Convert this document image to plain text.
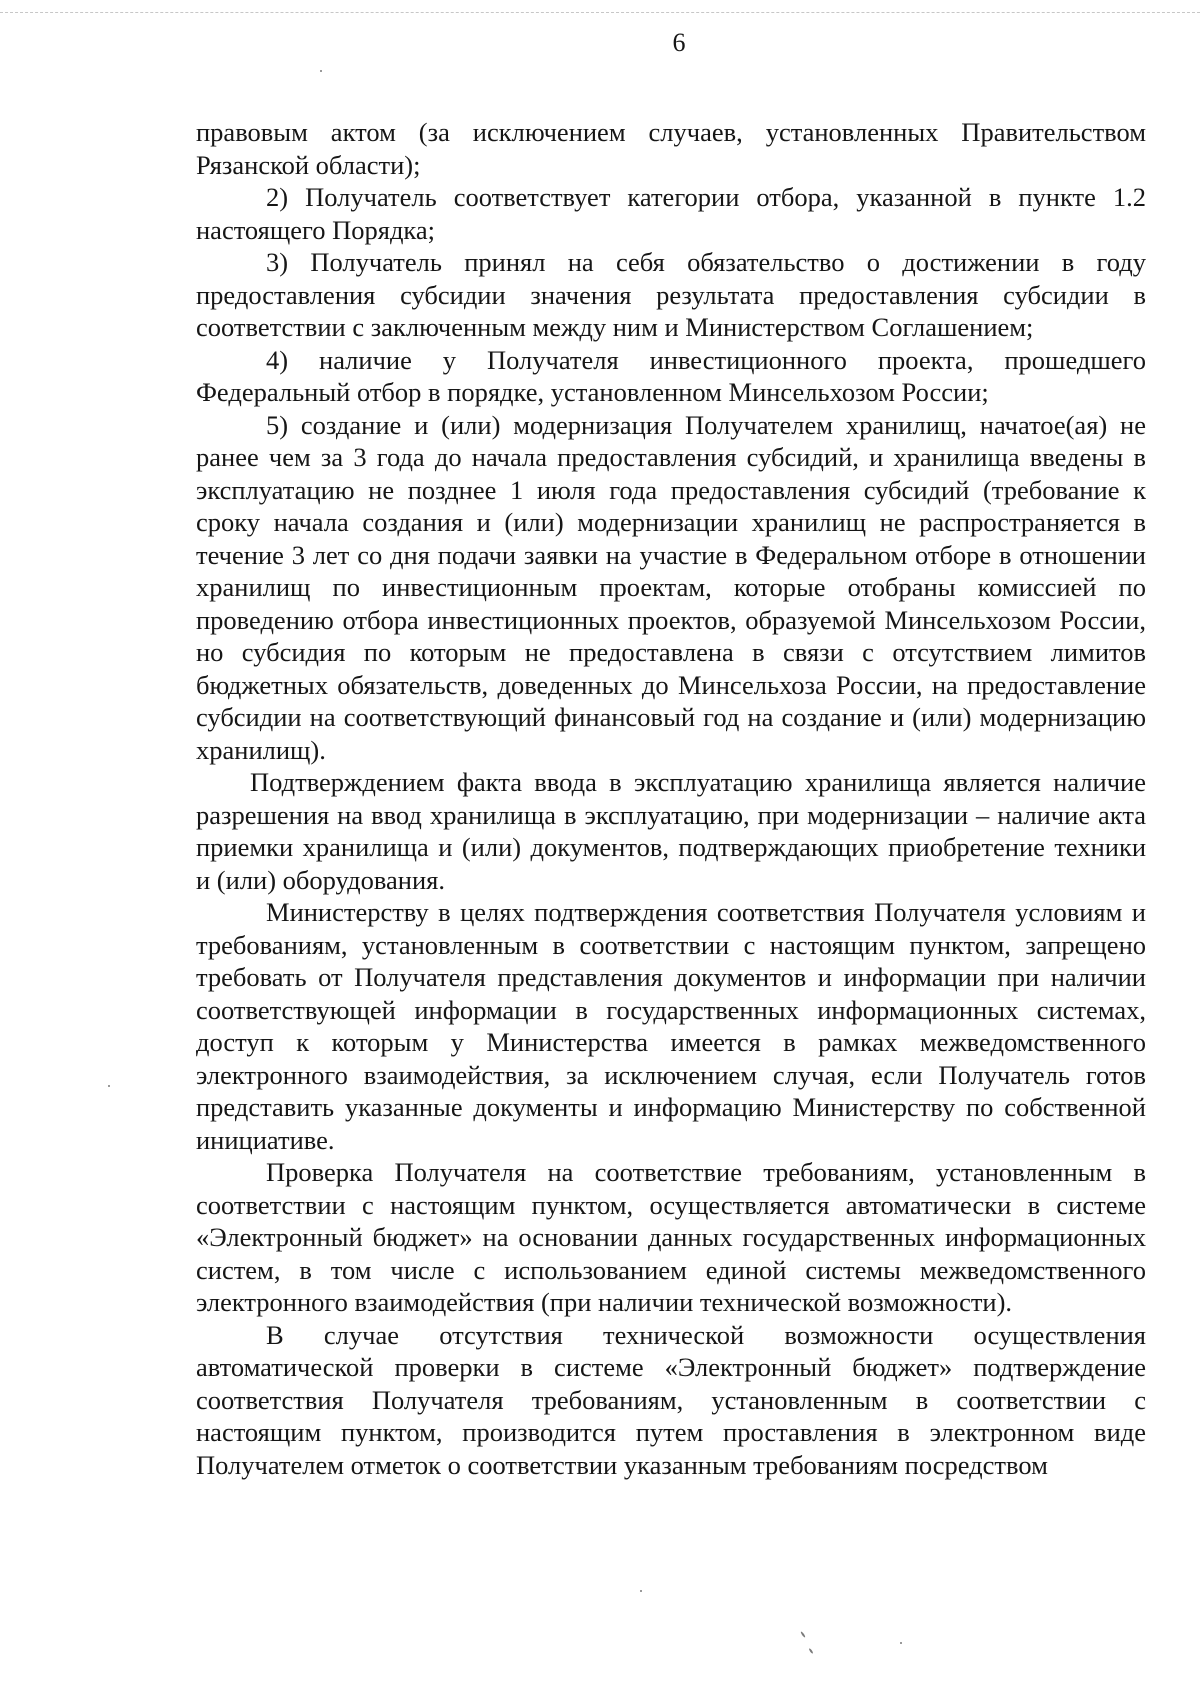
6

правовым актом (за исключением случаев, установленных Правительством Рязанской области);

2) Получатель соответствует категории отбора, указанной в пункте 1.2 настоящего Порядка;

3) Получатель принял на себя обязательство о достижении в году предоставления субсидии значения результата предоставления субсидии в соответствии с заключенным между ним и Министерством Соглашением;

4) наличие у Получателя инвестиционного проекта, прошедшего Федеральный отбор в порядке, установленном Минсельхозом России;

5) создание и (или) модернизация Получателем хранилищ, начатое(ая) не ранее чем за 3 года до начала предоставления субсидий, и хранилища введены в эксплуатацию не позднее 1 июля года предоставления субсидий (требование к сроку начала создания и (или) модернизации хранилищ не распространяется в течение 3 лет со дня подачи заявки на участие в Федеральном отборе в отношении хранилищ по инвестиционным проектам, которые отобраны комиссией по проведению отбора инвестиционных проектов, образуемой Минсельхозом России, но субсидия по которым не предоставлена в связи с отсутствием лимитов бюджетных обязательств, доведенных до Минсельхоза России, на предоставление субсидии на соответствующий финансовый год на создание и (или) модернизацию хранилищ).

Подтверждением факта ввода в эксплуатацию хранилища является наличие разрешения на ввод хранилища в эксплуатацию, при модернизации – наличие акта приемки хранилища и (или) документов, подтверждающих приобретение техники и (или) оборудования.

Министерству в целях подтверждения соответствия Получателя условиям и требованиям, установленным в соответствии с настоящим пунктом, запрещено требовать от Получателя представления документов и информации при наличии соответствующей информации в государственных информационных системах, доступ к которым у Министерства имеется в рамках межведомственного электронного взаимодействия, за исключением случая, если Получатель готов представить указанные документы и информацию Министерству по собственной инициативе.

Проверка Получателя на соответствие требованиям, установленным в соответствии с настоящим пунктом, осуществляется автоматически в системе «Электронный бюджет» на основании данных государственных информационных систем, в том числе с использованием единой системы межведомственного электронного взаимодействия (при наличии технической возможности).

В случае отсутствия технической возможности осуществления автоматической проверки в системе «Электронный бюджет» подтверждение соответствия Получателя требованиям, установленным в соответствии с настоящим пунктом, производится путем проставления в электронном виде Получателем отметок о соответствии указанным требованиям посредством
